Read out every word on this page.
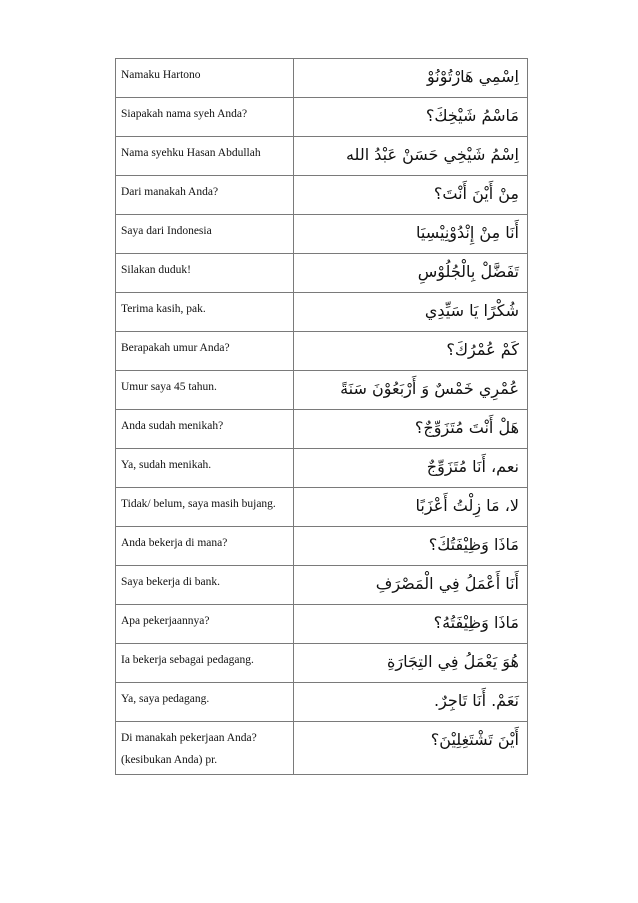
Namaku Hartono	اِسْمِي هَارْتُوْنُوْ

Siapakah nama syeh Anda?	مَاسْمُ شَيْخِكَ؟

Nama syehku Hasan Abdullah	اِسْمُ شَيْخِي حَسَنْ عَبْدُ الله

Dari manakah Anda?	مِنْ أَيْنَ أَنْتَ؟

Saya dari Indonesia	أَنَا مِنْ إِنْدُوْنِيْسِيَا

Silakan duduk!	تَفَضَّلْ بِالْجُلُوْسِ

Terima kasih, pak.	شُكْرًا يَا سَيِّدِي

Berapakah umur Anda?	كَمْ عُمْرُكَ؟

Umur saya 45 tahun.	عُمْرِي خَمْسٌ وَ أَرْبَعُوْنَ سَنَةً

Anda sudah menikah?	هَلْ أَنْتَ مُتَزَوِّجٌ؟

Ya, sudah menikah.	نعم، أَنَا مُتَزَوِّجٌ

Tidak/ belum, saya masih bujang.	لا، مَا زِلْتُ أَعْزَبًا

Anda bekerja di mana?	مَاذَا وَظِيْفَتُكَ؟

Saya bekerja di bank.	أَنَا أَعْمَلُ فِي الْمَصْرَفِ

Apa pekerjaannya?	مَاذَا وَظِيْفَتُهُ؟

Ia bekerja sebagai pedagang.	هُوَ يَعْمَلُ فِي التِجَارَةِ

Ya, saya pedagang.	نَعَمْ. أَنَا تَاجِرٌ.

Di manakah pekerjaan Anda?
(kesibukan Anda) pr.	أَيْنَ تَشْتَغِلِيْنَ؟
